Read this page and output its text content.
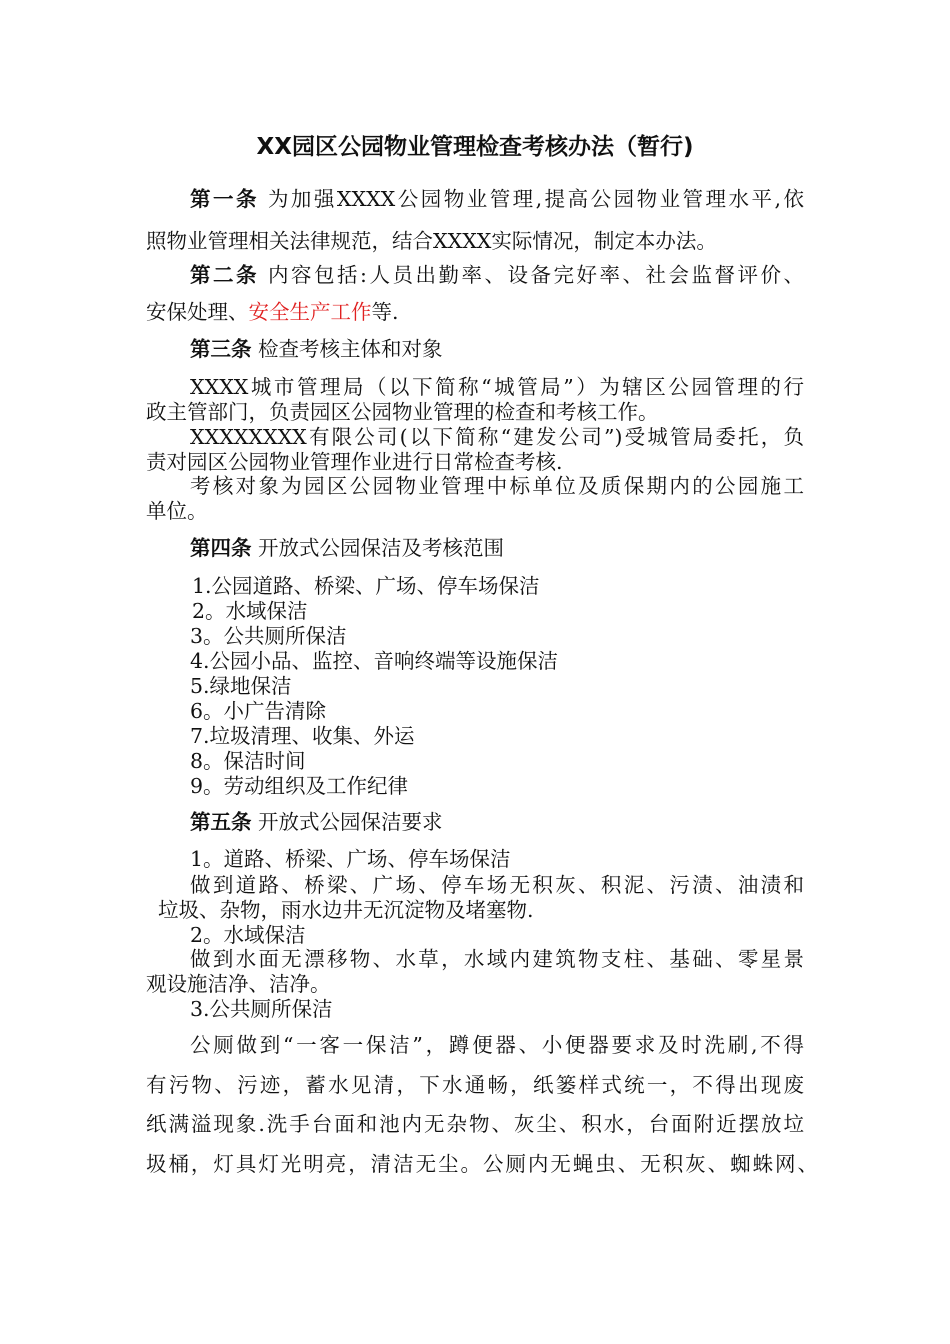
XX园区公园物业管理检查考核办法（暂行)
第一条 为加强XXXX公园物业管理,提高公园物业管理水平,依
照物业管理相关法律规范，结合XXXX实际情况，制定本办法。
第二条 内容包括:人员出勤率、设备完好率、社会监督评价、
安保处理、安全生产工作等.
第三条 检查考核主体和对象
XXXX城市管理局（以下简称“城管局”）为辖区公园管理的行
政主管部门，负责园区公园物业管理的检查和考核工作。
XXXXXXXX有限公司(以下简称“建发公司”)受城管局委托，负
责对园区公园物业管理作业进行日常检查考核.
考核对象为园区公园物业管理中标单位及质保期内的公园施工
单位。
第四条 开放式公园保洁及考核范围
1.公园道路、桥梁、广场、停车场保洁
2。水域保洁
3。公共厕所保洁
4.公园小品、监控、音响终端等设施保洁
5.绿地保洁
6。小广告清除
7.垃圾清理、收集、外运
8。保洁时间
9。劳动组织及工作纪律
第五条 开放式公园保洁要求
1。道路、桥梁、广场、停车场保洁
做到道路、桥梁、广场、停车场无积灰、积泥、污渍、油渍和
垃圾、杂物，雨水边井无沉淀物及堵塞物.
2。水域保洁
做到水面无漂移物、水草，水域内建筑物支柱、基础、零星景
观设施洁净、洁净。
3.公共厕所保洁
公厕做到“一客一保洁”，蹲便器、小便器要求及时洗刷,不得
有污物、污迹，蓄水见清，下水通畅，纸篓样式统一，不得出现废
纸满溢现象.洗手台面和池内无杂物、灰尘、积水，台面附近摆放垃
圾桶，灯具灯光明亮，清洁无尘。公厕内无蝇虫、无积灰、蜘蛛网、
